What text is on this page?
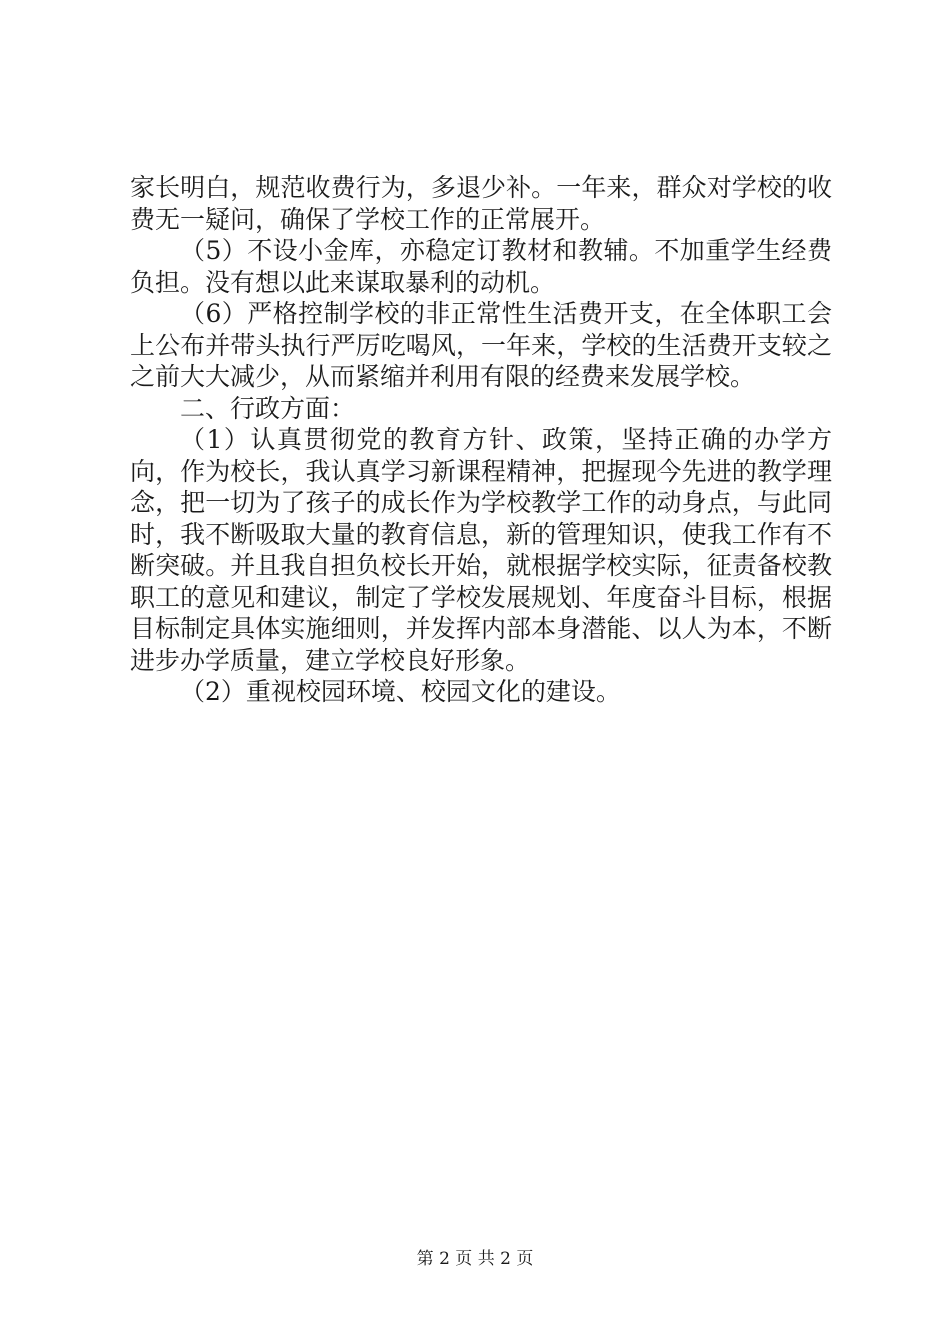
家长明白，规范收费行为，多退少补。一年来，群众对学校的收费无一疑问，确保了学校工作的正常展开。

（5）不设小金库，亦稳定订教材和教辅。不加重学生经费负担。没有想以此来谋取暴利的动机。

（6）严格控制学校的非正常性生活费开支，在全体职工会上公布并带头执行严厉吃喝风，一年来，学校的生活费开支较之之前大大减少，从而紧缩并利用有限的经费来发展学校。

二、行政方面：

（1）认真贯彻党的教育方针、政策，坚持正确的办学方向，作为校长，我认真学习新课程精神，把握现今先进的教学理念，把一切为了孩子的成长作为学校教学工作的动身点，与此同时，我不断吸取大量的教育信息，新的管理知识，使我工作有不断突破。并且我自担负校长开始，就根据学校实际，征责备校教职工的意见和建议，制定了学校发展规划、年度奋斗目标，根据目标制定具体实施细则，并发挥内部本身潜能、以人为本，不断进步办学质量，建立学校良好形象。

（2）重视校园环境、校园文化的建设。

第 2 页 共 2 页
